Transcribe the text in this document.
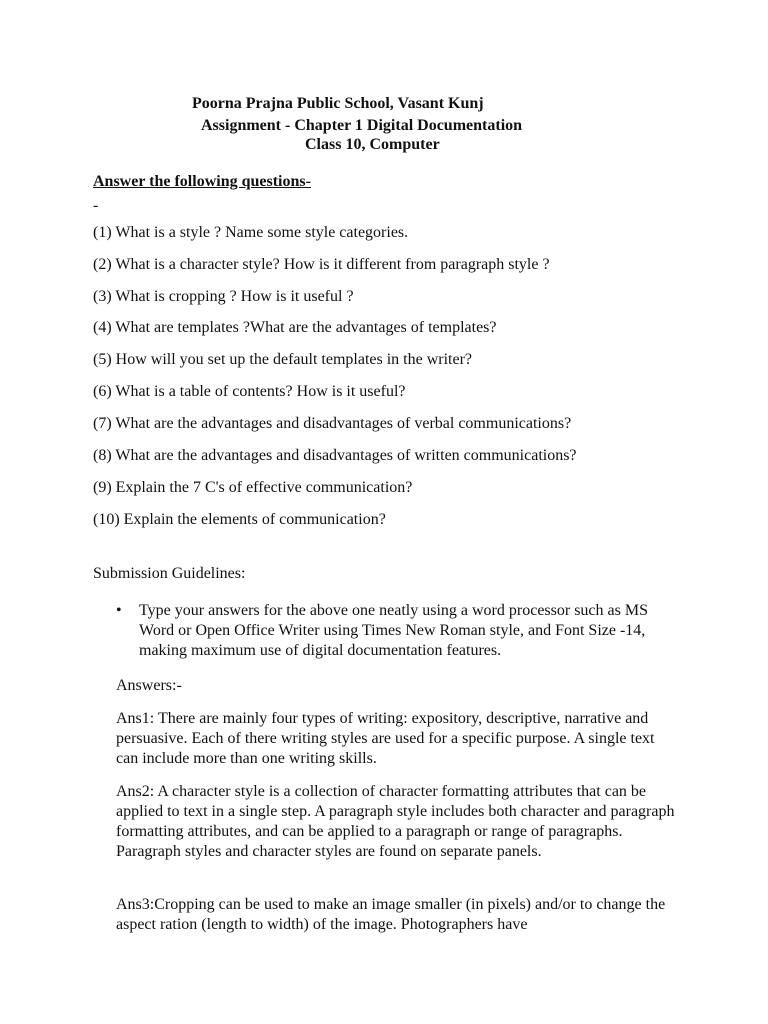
Poorna Prajna Public School, Vasant Kunj
Assignment - Chapter 1 Digital Documentation
Class 10, Computer
Answer the following questions-
-
(1) What is a style ? Name some style categories.
(2) What is a character style? How is it different from paragraph style ?
(3) What is cropping ? How is it useful ?
(4) What are templates ?What are the advantages of templates?
(5) How will you set up the default templates in the writer?
(6) What is a table of contents? How is it useful?
(7) What are the advantages and disadvantages of verbal communications?
(8) What are the advantages and disadvantages of written communications?
(9) Explain the 7 C's of effective communication?
(10) Explain the elements of communication?
Submission Guidelines:
• Type your answers for the above one neatly using a word processor such as MS Word or Open Office Writer using Times New Roman style, and Font Size -14, making maximum use of digital documentation features.
Answers:-
Ans1: There are mainly four types of writing: expository, descriptive, narrative and persuasive. Each of there writing styles are used for a specific purpose. A single text can include more than one writing skills.
Ans2: A character style is a collection of character formatting attributes that can be applied to text in a single step. A paragraph style includes both character and paragraph formatting attributes, and can be applied to a paragraph or range of paragraphs. Paragraph styles and character styles are found on separate panels.
Ans3:Cropping can be used to make an image smaller (in pixels) and/or to change the aspect ration (length to width) of the image. Photographers have
